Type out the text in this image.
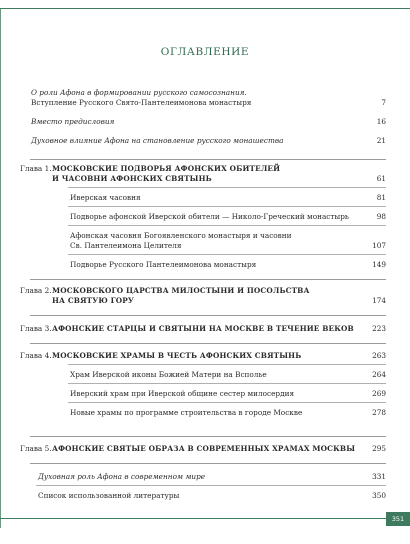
ОГЛАВЛЕНИЕ
О роли Афона в формировании русского самосознания.
Вступление Русского Свято-Пантелеимонова монастыря	7
Вместо предисловия	16
Духовное влияние Афона на становление русского монашества	21
Глава 1. МОСКОВСКИЕ ПОДВОРЬЯ АФОНСКИХ ОБИТЕЛЕЙ
И ЧАСОВНИ АФОНСКИХ СВЯТЫНЬ	61
Иверская часовня	81
Подворье афонской Иверской обители — Николо-Греческий монастырь	98
Афонская часовня Богоявленского монастыря и часовни
Св. Пантелеимона Целителя	107
Подворье Русского Пантелеимонова монастыря	149
Глава 2. МОСКОВСКОГО ЦАРСТВА МИЛОСТЫНИ И ПОСОЛЬСТВА
НА СВЯТУЮ ГОРУ	174
Глава 3. АФОНСКИЕ СТАРЦЫ И СВЯТЫНИ НА МОСКВЕ В ТЕЧЕНИЕ ВЕКОВ 223
Глава 4. МОСКОВСКИЕ ХРАМЫ В ЧЕСТЬ АФОНСКИХ СВЯТЫНЬ	263
Храм Иверской иконы Божией Матери на Всполье	264
Иверский храм при Иверской общине сестер милосердия	269
Новые храмы по программе строительства в городе Москве	278
Глава 5. АФОНСКИЕ СВЯТЫЕ ОБРАЗА В СОВРЕМЕННЫХ ХРАМАХ МОСКВЫ 295
Духовная роль Афона в современном мире	331
Список использованной литературы	350
351
